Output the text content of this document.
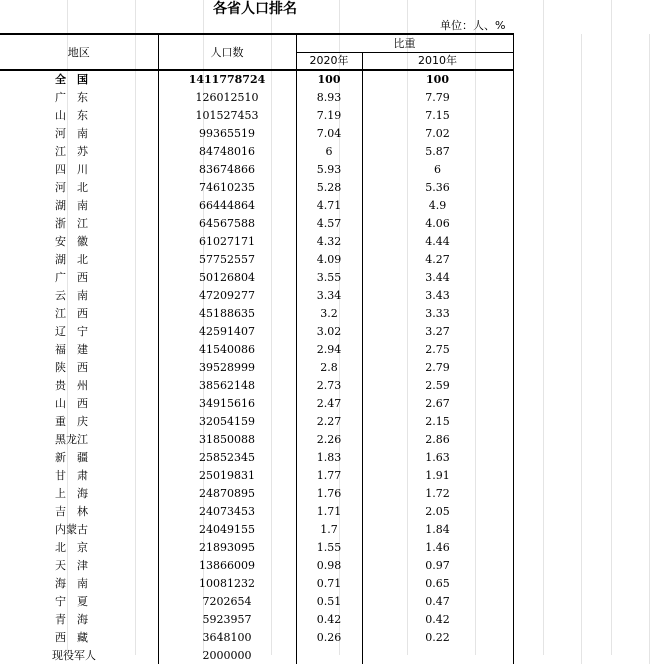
各省人口排名
单位：人、%
地区	人口数	比重			
		2020年	2010年		
全　国	1411778724	100	100		
广　东	126012510	8.93	7.79		
山　东	101527453	7.19	7.15		
河　南	99365519	7.04	7.02		
江　苏	84748016	6	5.87		
四　川	83674866	5.93	6		
河　北	74610235	5.28	5.36		
湖　南	66444864	4.71	4.9		
浙　江	64567588	4.57	4.06		
安　徽	61027171	4.32	4.44		
湖　北	57752557	4.09	4.27		
广　西	50126804	3.55	3.44		
云　南	47209277	3.34	3.43		
江　西	45188635	3.2	3.33		
辽　宁	42591407	3.02	3.27		
福　建	41540086	2.94	2.75		
陕　西	39528999	2.8	2.79		
贵　州	38562148	2.73	2.59		
山　西	34915616	2.47	2.67		
重　庆	32054159	2.27	2.15		
黑龙江	31850088	2.26	2.86		
新　疆	25852345	1.83	1.63		
甘　肃	25019831	1.77	1.91		
上　海	24870895	1.76	1.72		
吉　林	24073453	1.71	2.05		
内蒙古	24049155	1.7	1.84		
北　京	21893095	1.55	1.46		
天　津	13866009	0.98	0.97		
海　南	10081232	0.71	0.65		
宁　夏	7202654	0.51	0.47		
青　海	5923957	0.42	0.42		
西　藏	3648100	0.26	0.22		
现役军人	2000000				
